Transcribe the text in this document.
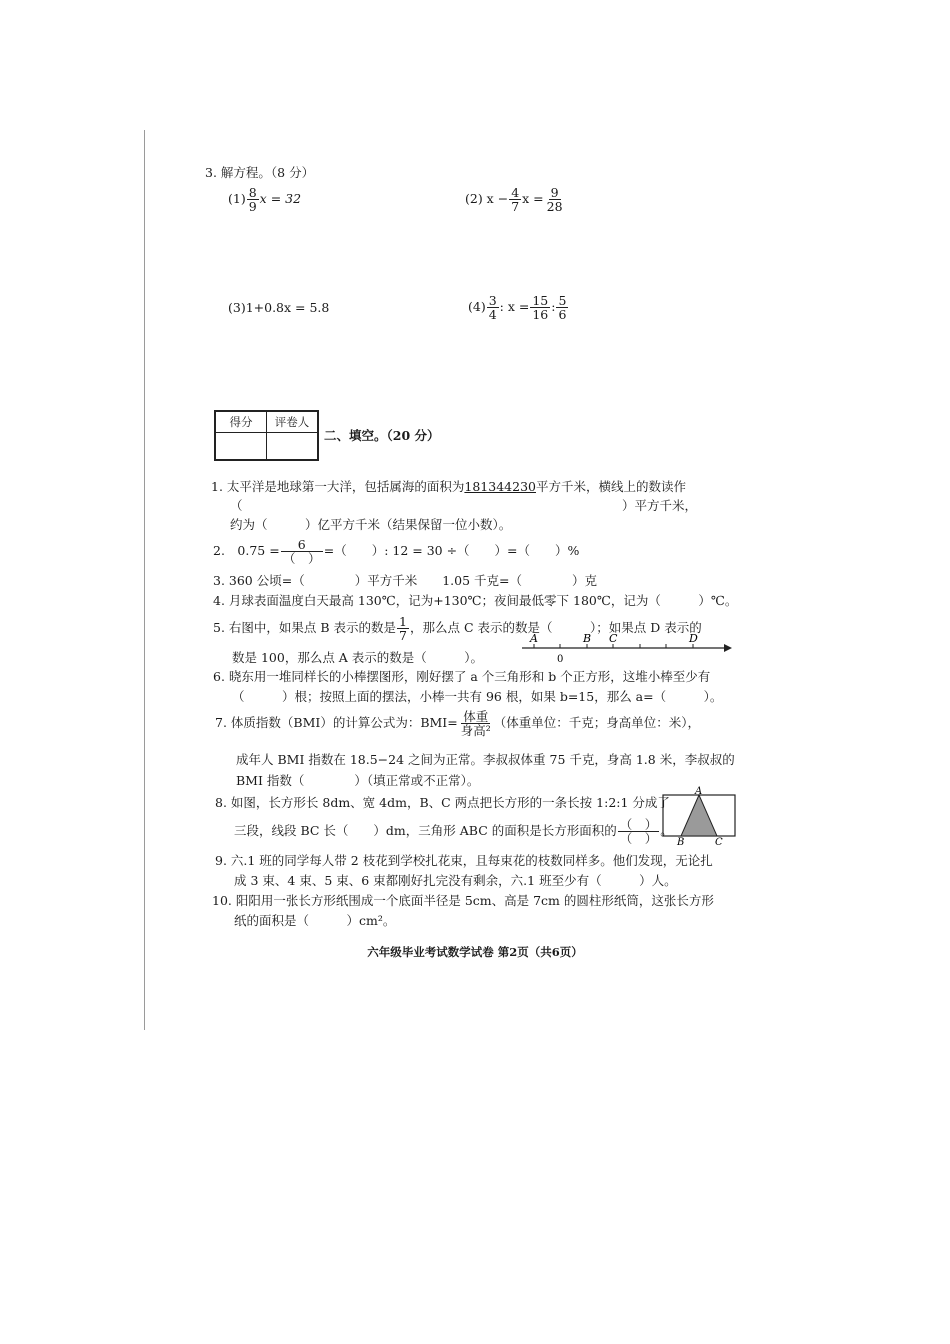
3. 解方程。（8 分）
$(1) \frac{8}{9}$ x = 32	(2) $x - \frac{4}{7}$ $x = \frac{9}{28}$
(3)1+0.8x = 5.8	$(4) \frac{3}{4}$ : $x = \frac{15}{16}$ : $\frac{5}{6}$
得分	评卷人

二、填空。（20 分）
1. 太平洋是地球第一大洋，包括属海的面积为181344230平方千米，横线上的数读作
（	）平方千米，
约为（　　　）亿平方千米（结果保留一位小数）。
2.　$0.75 = \frac{6}{( )}$ =（　　）: 12 = 30 ÷（　　）=（　　）%
3. 360 公顷=（　　　　）平方千米　　1.05 千克=（　　　　）克
4. 月球表面温度白天最高 130℃，记为+130℃；夜间最低零下 180℃，记为（　　　）℃。
5. 右图中，如果点 B 表示的数是 $\frac{1}{7}$ ，那么点 C 表示的数是（　　　）；如果点 D 表示的
数是 100，那么点 A 表示的数是（　　　）。
A	B C	D
0
6. 晓东用一堆同样长的小棒摆图形，刚好摆了 a 个三角形和 b 个正方形，这堆小棒至少有
（　　　）根；按照上面的摆法，小棒一共有 96 根，如果 b=15，那么 a=（　　　）。
7. 体质指数（BMI）的计算公式为：$BMI= \frac{\text{体重}}{\text{身高²}}$ （体重单位：千克；身高单位：米），
成年人 BMI 指数在 18.5−24 之间为正常。李叔叔体重 75 千克，身高 1.8 米，李叔叔的
BMI 指数（　　　　）（填正常或不正常）。
8. 如图，长方形长 8dm、宽 4dm，B、C 两点把长方形的一条长按 1:2:1 分成了
三段，线段 BC 长（　　）dm，三角形 ABC 的面积是长方形面积的 $\frac{( )}{( )}$ 。
A
B	C
9. 六.1 班的同学每人带 2 枝花到学校扎花束，且每束花的枝数同样多。他们发现，无论扎
成 3 束、4 束、5 束、6 束都刚好扎完没有剩余，六.1 班至少有（　　　）人。
10. 阳阳用一张长方形纸围成一个底面半径是 5cm、高是 7cm 的圆柱形纸筒，这张长方形
纸的面积是（　　　）cm²。
六年级毕业考试数学试卷 第2页（共6页）
